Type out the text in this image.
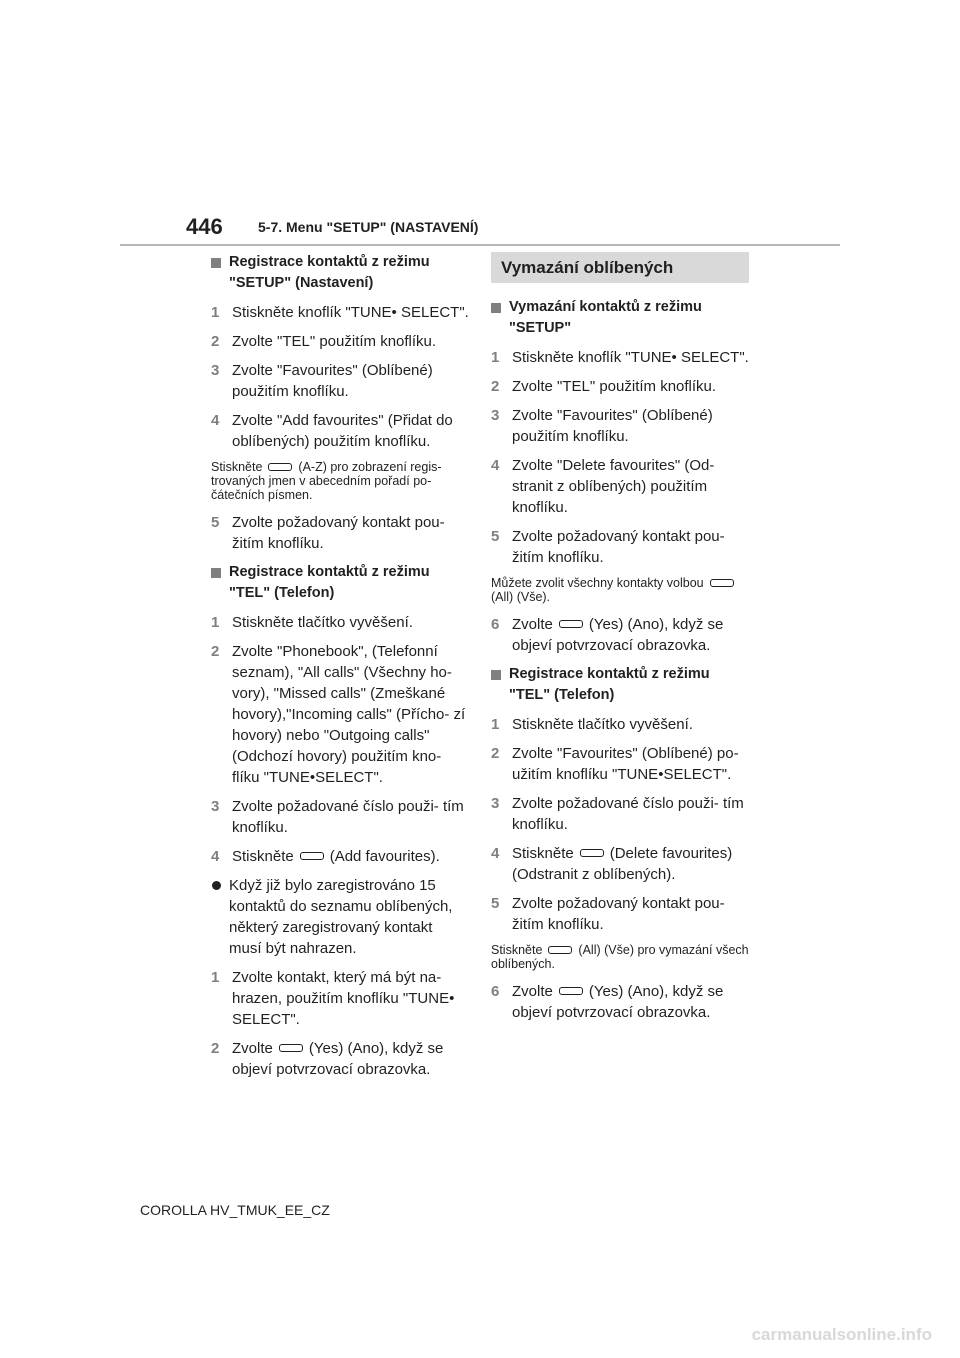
446	5-7. Menu "SETUP" (NASTAVENÍ)
Registrace kontaktů z režimu "SETUP" (Nastavení)
1 Stiskněte knoflík "TUNE• SELECT".
2 Zvolte "TEL" použitím knoflíku.
3 Zvolte "Favourites" (Oblíbené) použitím knoflíku.
4 Zvolte "Add favourites" (Přidat do oblíbených) použitím knoflíku.
Stiskněte	(A-Z) pro zobrazení regis- trovaných jmen v abecedním pořadí po- čátečních písmen.
5 Zvolte požadovaný kontakt pou- žitím knoflíku.
Registrace kontaktů z režimu "TEL" (Telefon)
1 Stiskněte tlačítko vyvěšení.
2 Zvolte "Phonebook", (Telefonní seznam), "All calls" (Všechny ho- vory), "Missed calls" (Zmeškané hovory),"Incoming calls" (Přícho- zí hovory) nebo "Outgoing calls" (Odchozí hovory) použitím kno- flíku "TUNE•SELECT".
3 Zvolte požadované číslo použi- tím knoflíku.
4 Stiskněte (Add favourites).
Když již bylo zaregistrováno 15 kontaktů do seznamu oblíbených, některý zaregistrovaný kontakt musí být nahrazen.
1 Zvolte kontakt, který má být na- hrazen, použitím knoflíku "TUNE• SELECT".
2 Zvolte (Yes) (Ano), když se objeví potvrzovací obrazovka.
Vymazání oblíbených
Vymazání kontaktů z režimu "SETUP"
1 Stiskněte knoflík "TUNE• SELECT".
2 Zvolte "TEL" použitím knoflíku.
3 Zvolte "Favourites" (Oblíbené) použitím knoflíku.
4 Zvolte "Delete favourites" (Od- stranit z oblíbených) použitím knoflíku.
5 Zvolte požadovaný kontakt pou- žitím knoflíku.
Můžete zvolit všechny kontakty volbou(All) (Vše).
6 Zvolte (Yes) (Ano), když se objeví potvrzovací obrazovka.
Registrace kontaktů z režimu "TEL" (Telefon)
1 Stiskněte tlačítko vyvěšení.
2 Zvolte "Favourites" (Oblíbené) po- užitím knoflíku "TUNE•SELECT".
3 Zvolte požadované číslo použi- tím knoflíku.
4 Stiskněte (Delete favourites) (Odstranit z oblíbených).
5 Zvolte požadovaný kontakt pou- žitím knoflíku.
Stiskněte	(All) (Vše) pro vymazání všech oblíbených.
6 Zvolte (Yes) (Ano), když se objeví potvrzovací obrazovka.
COROLLA HV_TMUK_EE_CZ
carmanualsonline.info
